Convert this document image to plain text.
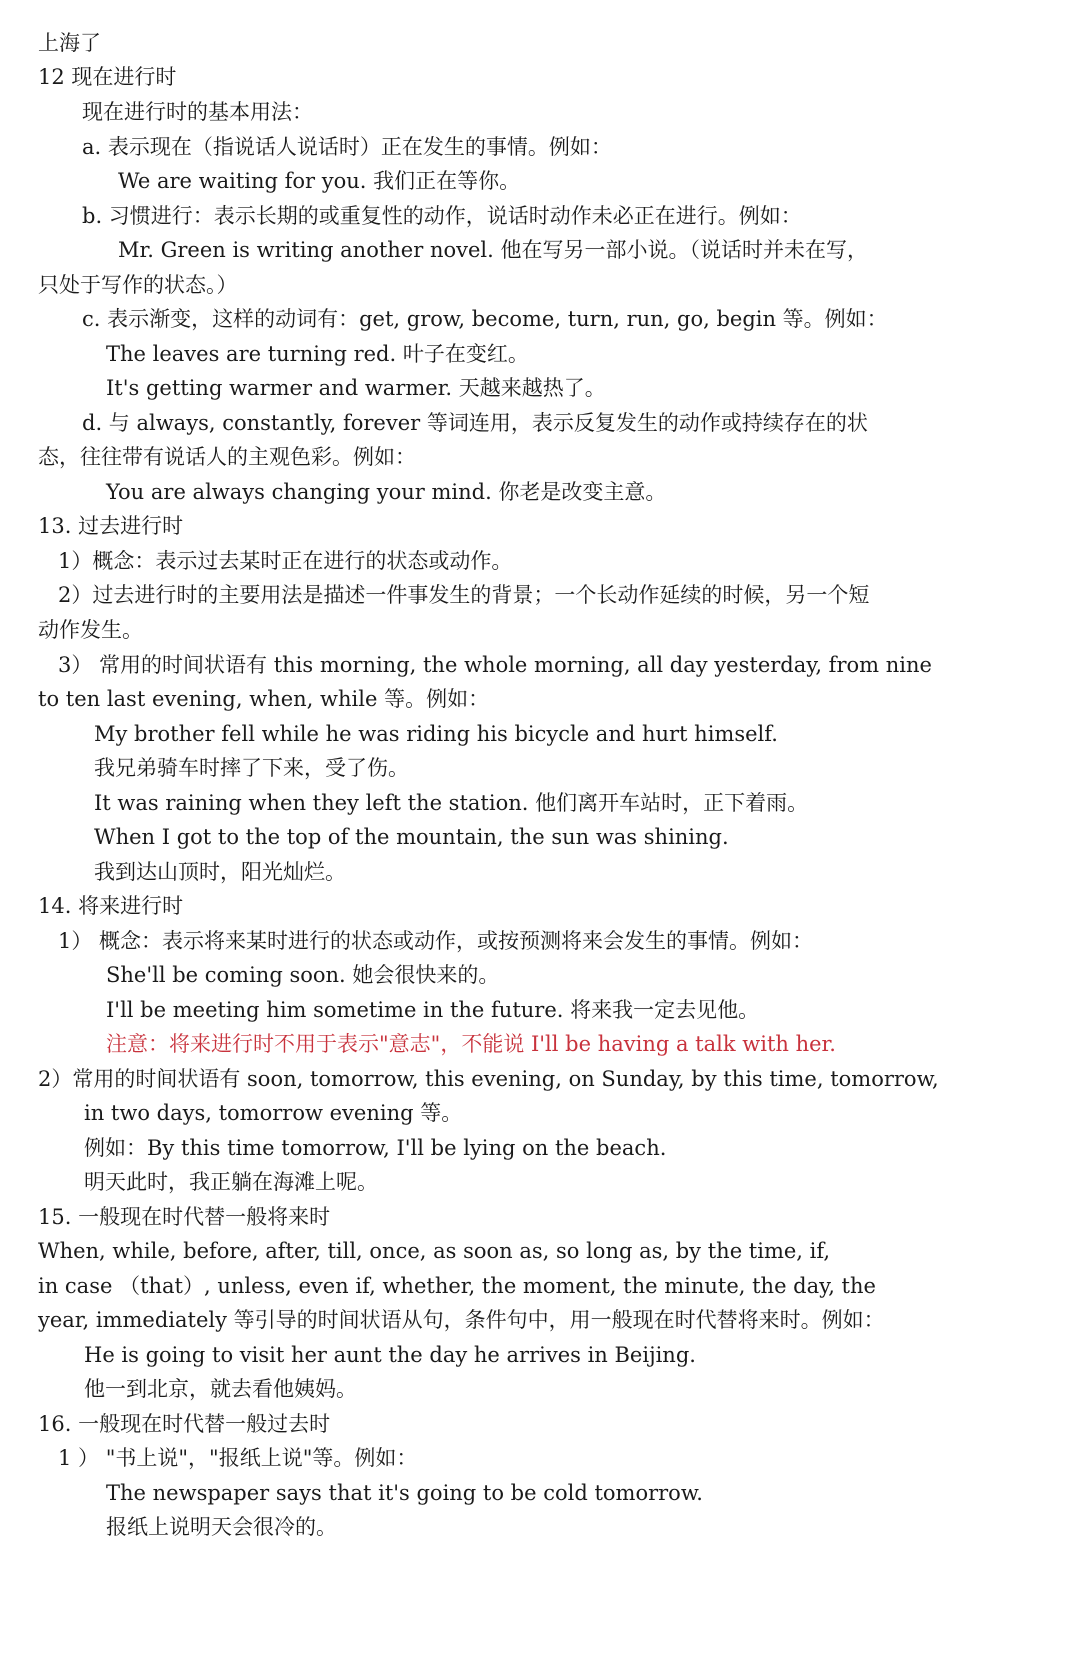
上海了
12 现在进行时
现在进行时的基本用法：
a. 表示现在（指说话人说话时）正在发生的事情。例如：
We are waiting for you. 我们正在等你。
b. 习惯进行：表示长期的或重复性的动作，说话时动作未必正在进行。例如：
Mr. Green is writing another novel. 他在写另一部小说。（说话时并未在写，
只处于写作的状态。）
c. 表示渐变，这样的动词有：get, grow, become, turn, run, go, begin 等。例如：
The leaves are turning red. 叶子在变红。
It's getting warmer and warmer. 天越来越热了。
d. 与 always, constantly, forever 等词连用，表示反复发生的动作或持续存在的状
态，往往带有说话人的主观色彩。例如：
You are always changing your mind. 你老是改变主意。
13. 过去进行时
1）概念：表示过去某时正在进行的状态或动作。
2）过去进行时的主要用法是描述一件事发生的背景；一个长动作延续的时候，另一个短
动作发生。
3） 常用的时间状语有 this morning, the whole morning, all day yesterday, from nine
to ten last evening, when, while 等。例如：
My brother fell while he was riding his bicycle and hurt himself.
我兄弟骑车时摔了下来，受了伤。
It was raining when they left the station. 他们离开车站时，正下着雨。
When I got to the top of the mountain, the sun was shining.
我到达山顶时，阳光灿烂。
14. 将来进行时
1） 概念：表示将来某时进行的状态或动作，或按预测将来会发生的事情。例如：
She'll be coming soon. 她会很快来的。
I'll be meeting him sometime in the future. 将来我一定去见他。
注意：将来进行时不用于表示"意志"，不能说 I'll be having a talk with her.
2）常用的时间状语有 soon, tomorrow, this evening, on Sunday, by this time, tomorrow,
in two days, tomorrow evening 等。
例如：By this time tomorrow, I'll be lying on the beach.
明天此时，我正躺在海滩上呢。
15. 一般现在时代替一般将来时
When, while, before, after, till, once, as soon as, so long as, by the time, if,
in case （that）, unless, even if, whether, the moment, the minute, the day, the
year, immediately 等引导的时间状语从句，条件句中，用一般现在时代替将来时。例如：
He is going to visit her aunt the day he arrives in Beijing.
他一到北京，就去看他姨妈。
16. 一般现在时代替一般过去时
1 ） "书上说"，"报纸上说"等。例如：
The newspaper says that it's going to be cold tomorrow.
报纸上说明天会很冷的。
